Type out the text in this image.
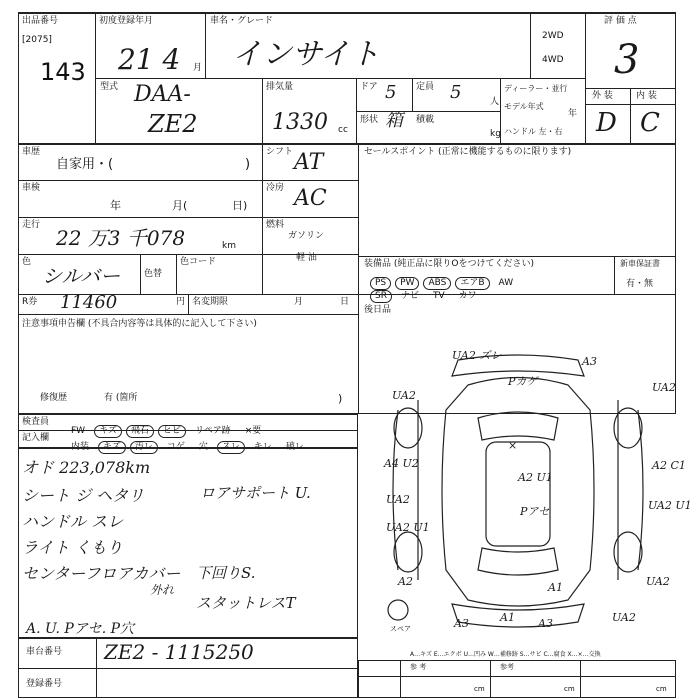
出品番号
[2075]
143
初度登録年月
21 4 月
車名・グレード
インサイト
2WD
4WD
評 価 点
3
型式 DAA-
ZE2
排気量
1330 cc
ドア 5 定員 5	人
形状 箱 積載
kg
ディーラー・並行
モデル年式
年
ハンドル 左・右
外 装	内 装
D C
車歴
自家用・(	)
車検
年	月(	日)
走行
22 万3 千078	km
色
シルバー	色替
色コード
シフト AT
冷房 AC
燃料
ガソリン
軽 油
R券 11460	円 名変期限	月	日
注意事項申告欄 (不具合内容等は具体的に記入して下さい)
修復歴	有 (箇所	)
セールスポイント (正常に機能するものに限ります)
装備品 (純正品に限りOをつけてください)	新車保証書
有・無
PS PW ABS エアB AW
SR ナビ TV カワ
後日品
検査員
記入欄
FW キズ 飛石 ヒビ リペア跡 ×要
内装 キズ 汚レ コゲ 穴 スレ キレ 破レ
オド 223,078km
シート ジ ヘタリ
ハンドル スレ
ライト くもり
センターフロアカバー
外れ
ロアサポート U.
下回りS.
スタットレスT
A. U. Pアセ. P穴
車台番号 ZE2 - 1115250
登録番号
UA2 ズレ	A3
Pカゲ
UA2
UA2
×
A4 U2
UA2
A2 U1
A2 C1
UA2 U1
Pアセ	UA2 U1
A2	A1
A1
UA2
A3	A3	UA2
スペア
A…キズ E…エクボ U…凹み W…補修跡 S…サビ C…腐食 X…×…交換
参 考	参考
cm	cm	cm
